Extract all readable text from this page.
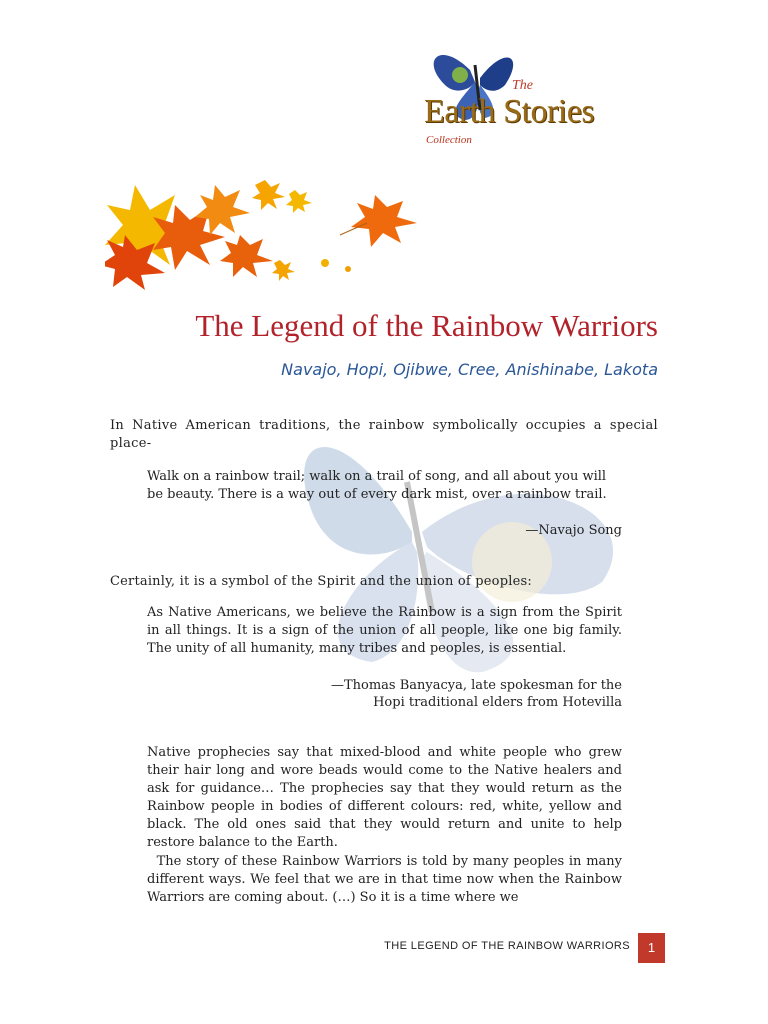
The
Earth Stories
Collection
The Legend of the Rainbow Warriors
Navajo, Hopi, Ojibwe, Cree, Anishinabe, Lakota
In Native American traditions, the rainbow symbolically occupies a special place-
Walk on a rainbow trail; walk on a trail of song, and all about you will be beauty. There is a way out of every dark mist, over a rainbow trail.
—Navajo Song
Certainly, it is a symbol of the Spirit and the union of peoples:
As Native Americans, we believe the Rainbow is a sign from the Spirit in all things. It is a sign of the union of all people, like one big family. The unity of all humanity, many tribes and peoples, is essential.
—Thomas Banyacya, late spokesman for the
Hopi traditional elders from Hotevilla
Native prophecies say that mixed-blood and white people who grew their hair long and wore beads would come to the Native healers and ask for guidance… The prophecies say that they would return as the Rainbow people in bodies of different colours: red, white, yellow and black. The old ones said that they would return and unite to help restore balance to the Earth.
The story of these Rainbow Warriors is told by many peoples in many different ways. We feel that we are in that time now when the Rainbow Warriors are coming about. (…) So it is a time where we
THE LEGEND OF THE RAINBOW WARRIORS	1
